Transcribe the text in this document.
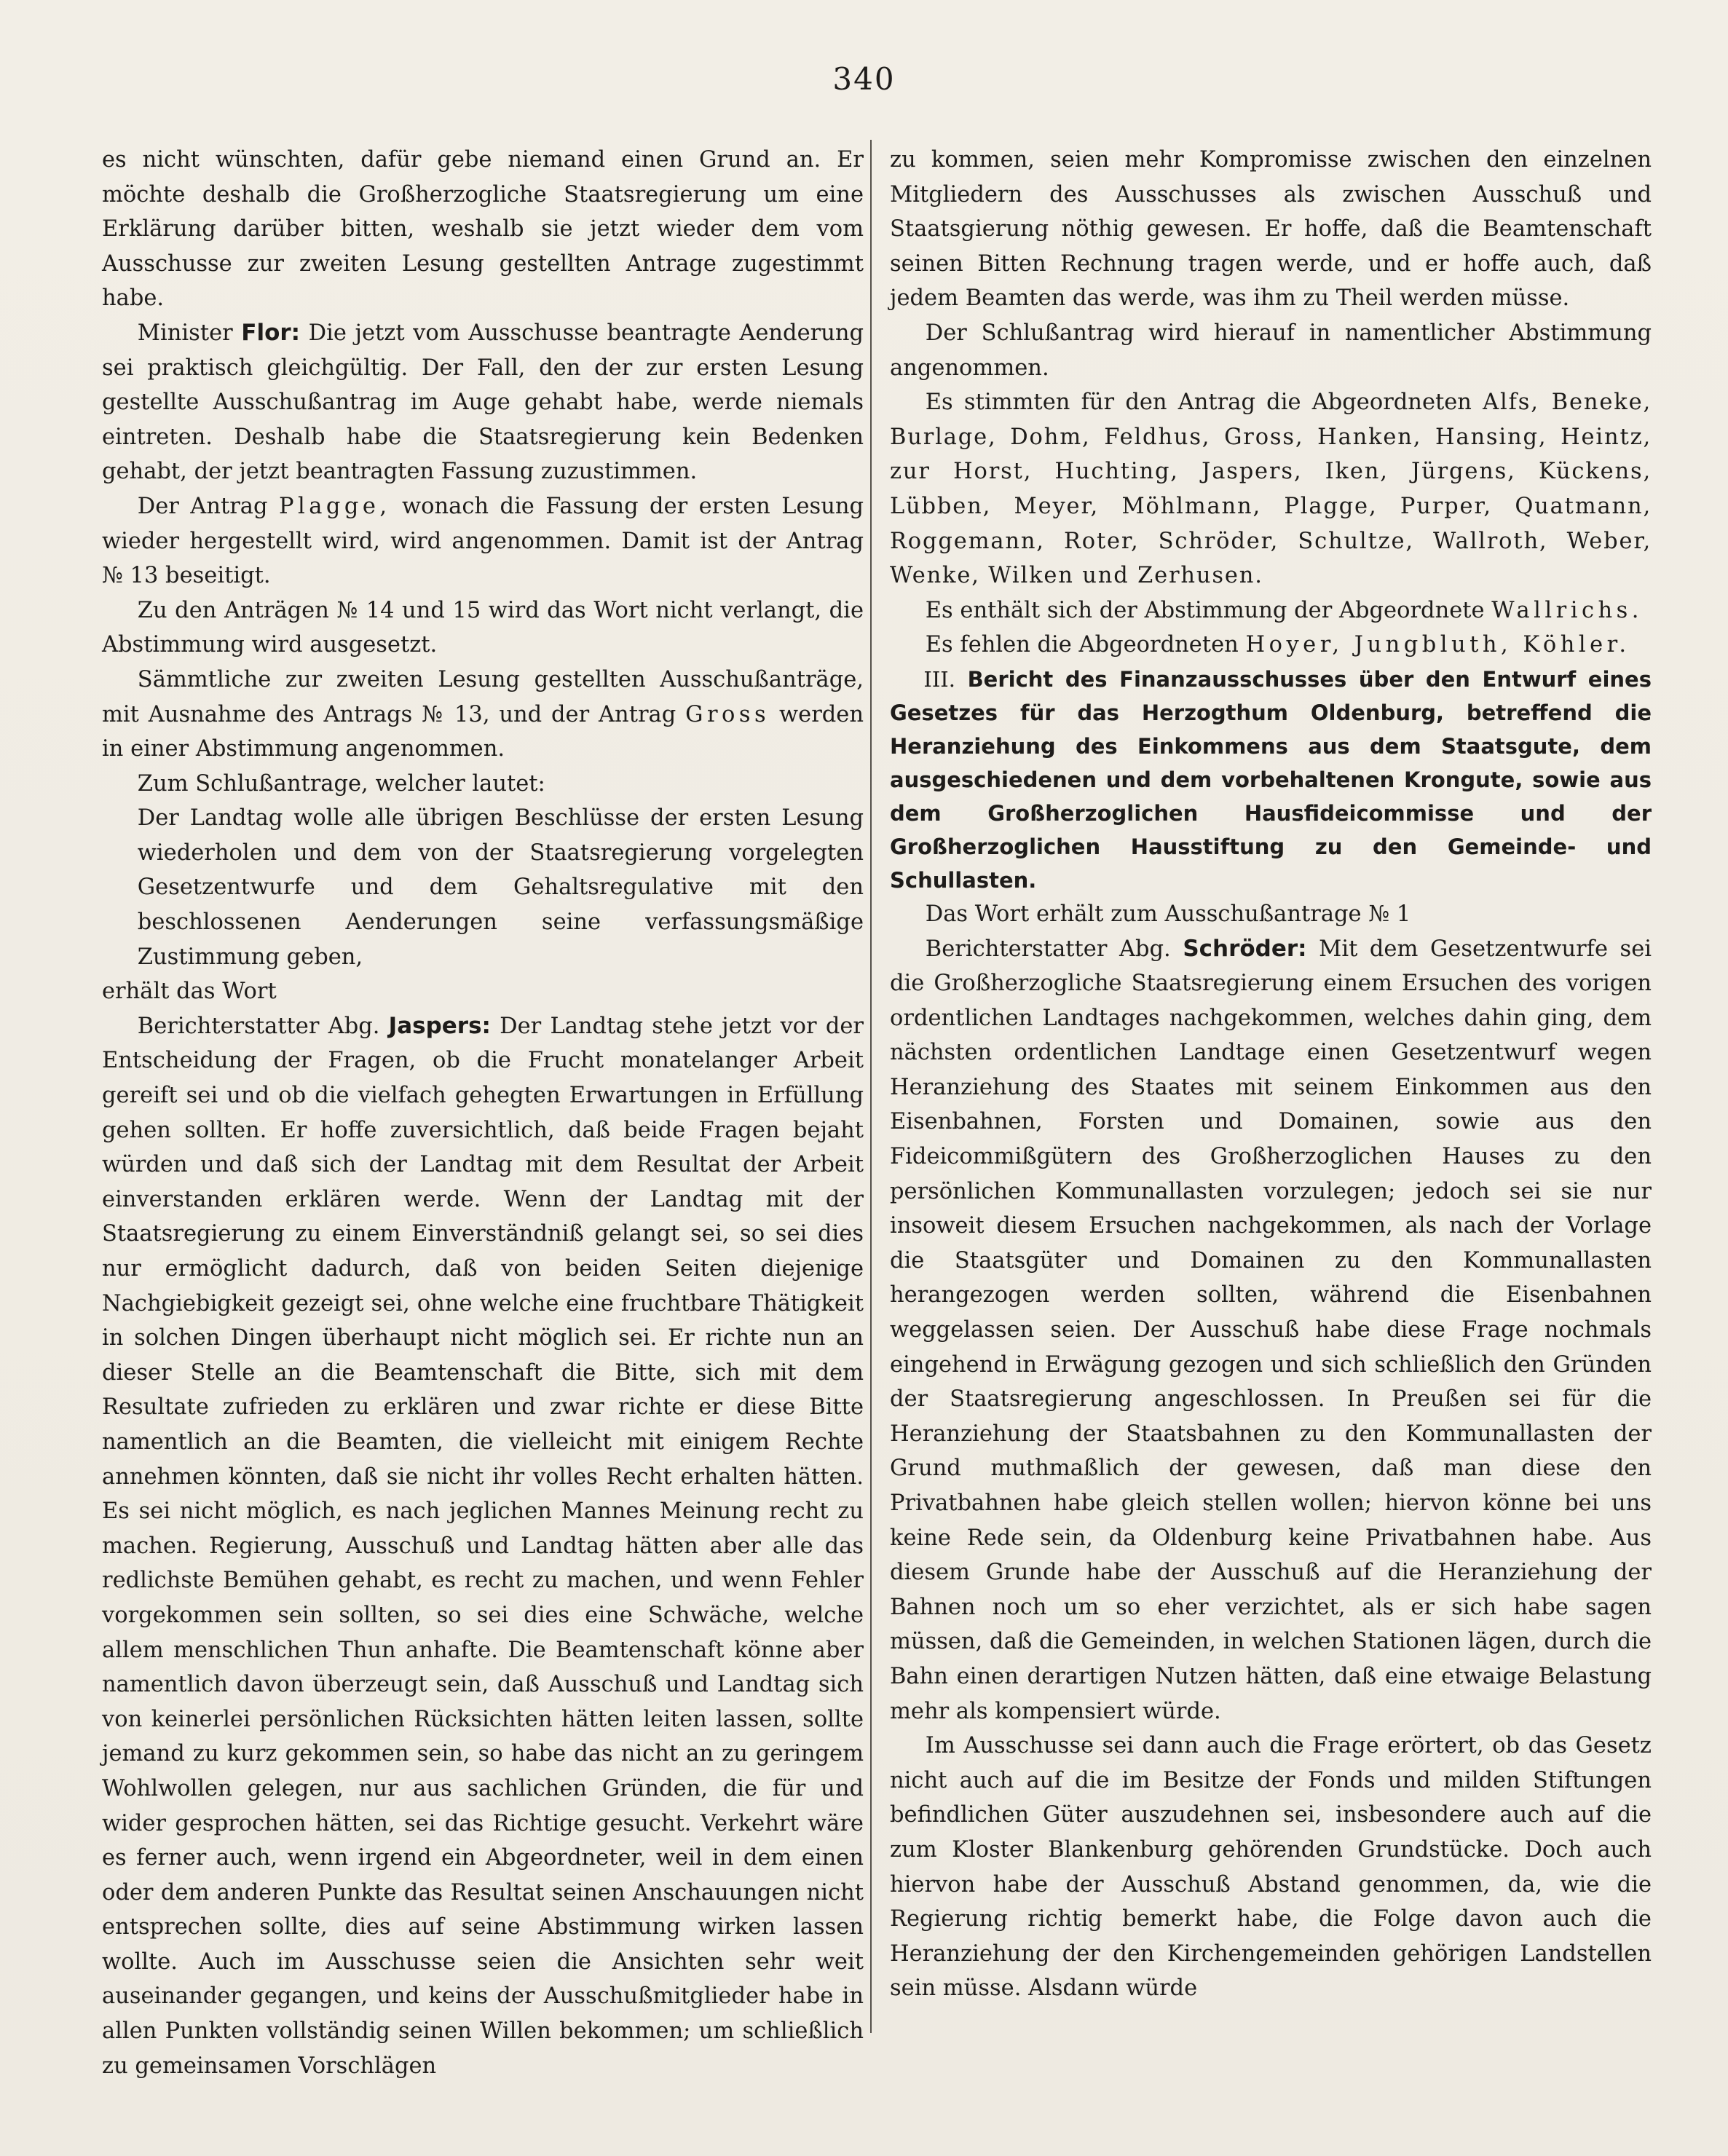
340

es nicht wünschten, dafür gebe niemand einen Grund an. Er möchte deshalb die Großherzogliche Staatsregierung um eine Erklärung darüber bitten, weshalb sie jetzt wieder dem vom Ausschusse zur zweiten Lesung gestellten Antrage zugestimmt habe.

Minister Flor: Die jetzt vom Ausschusse beantragte Aenderung sei praktisch gleichgültig. Der Fall, den der zur ersten Lesung gestellte Ausschußantrag im Auge gehabt habe, werde niemals eintreten. Deshalb habe die Staatsregierung kein Bedenken gehabt, der jetzt beantragten Fassung zuzustimmen.

Der Antrag Plagge, wonach die Fassung der ersten Lesung wieder hergestellt wird, wird angenommen. Damit ist der Antrag № 13 beseitigt.

Zu den Anträgen № 14 und 15 wird das Wort nicht verlangt, die Abstimmung wird ausgesetzt.

Sämmtliche zur zweiten Lesung gestellten Ausschußanträge, mit Ausnahme des Antrags № 13, und der Antrag Gross werden in einer Abstimmung angenommen.

Zum Schlußantrage, welcher lautet:

Der Landtag wolle alle übrigen Beschlüsse der ersten Lesung wiederholen und dem von der Staatsregierung vorgelegten Gesetzentwurfe und dem Gehaltsregulative mit den beschlossenen Aenderungen seine verfassungsmäßige Zustimmung geben,

erhält das Wort

Berichterstatter Abg. Jaspers: Der Landtag stehe jetzt vor der Entscheidung der Fragen, ob die Frucht monatelanger Arbeit gereift sei und ob die vielfach gehegten Erwartungen in Erfüllung gehen sollten. Er hoffe zuversichtlich, daß beide Fragen bejaht würden und daß sich der Landtag mit dem Resultat der Arbeit einverstanden erklären werde. Wenn der Landtag mit der Staatsregierung zu einem Einverständniß gelangt sei, so sei dies nur ermöglicht dadurch, daß von beiden Seiten diejenige Nachgiebigkeit gezeigt sei, ohne welche eine fruchtbare Thätigkeit in solchen Dingen überhaupt nicht möglich sei. Er richte nun an dieser Stelle an die Beamtenschaft die Bitte, sich mit dem Resultate zufrieden zu erklären und zwar richte er diese Bitte namentlich an die Beamten, die vielleicht mit einigem Rechte annehmen könnten, daß sie nicht ihr volles Recht erhalten hätten. Es sei nicht möglich, es nach jeglichen Mannes Meinung recht zu machen. Regierung, Ausschuß und Landtag hätten aber alle das redlichste Bemühen gehabt, es recht zu machen, und wenn Fehler vorgekommen sein sollten, so sei dies eine Schwäche, welche allem menschlichen Thun anhafte. Die Beamtenschaft könne aber namentlich davon überzeugt sein, daß Ausschuß und Landtag sich von keinerlei persönlichen Rücksichten hätten leiten lassen, sollte jemand zu kurz gekommen sein, so habe das nicht an zu geringem Wohlwollen gelegen, nur aus sachlichen Gründen, die für und wider gesprochen hätten, sei das Richtige gesucht. Verkehrt wäre es ferner auch, wenn irgend ein Abgeordneter, weil in dem einen oder dem anderen Punkte das Resultat seinen Anschauungen nicht entsprechen sollte, dies auf seine Abstimmung wirken lassen wollte. Auch im Ausschusse seien die Ansichten sehr weit auseinander gegangen, und keins der Ausschußmitglieder habe in allen Punkten vollständig seinen Willen bekommen; um schließlich zu gemeinsamen Vorschlägen

zu kommen, seien mehr Kompromisse zwischen den einzelnen Mitgliedern des Ausschusses als zwischen Ausschuß und Staatsgierung nöthig gewesen. Er hoffe, daß die Beamtenschaft seinen Bitten Rechnung tragen werde, und er hoffe auch, daß jedem Beamten das werde, was ihm zu Theil werden müsse.

Der Schlußantrag wird hierauf in namentlicher Abstimmung angenommen.

Es stimmten für den Antrag die Abgeordneten Alfs, Beneke, Burlage, Dohm, Feldhus, Gross, Hanken, Hansing, Heintz, zur Horst, Huchting, Jaspers, Iken, Jürgens, Kückens, Lübben, Meyer, Möhlmann, Plagge, Purper, Quatmann, Roggemann, Roter, Schröder, Schultze, Wallroth, Weber, Wenke, Wilken und Zerhusen.

Es enthält sich der Abstimmung der Abgeordnete Wallrichs.

Es fehlen die Abgeordneten Hoyer, Jungbluth, Köhler.

III. Bericht des Finanzausschusses über den Entwurf eines Gesetzes für das Herzogthum Oldenburg, betreffend die Heranziehung des Einkommens aus dem Staatsgute, dem ausgeschiedenen und dem vorbehaltenen Krongute, sowie aus dem Großherzoglichen Hausfideicommisse und der Großherzoglichen Hausstiftung zu den Gemeinde- und Schullasten.

Das Wort erhält zum Ausschußantrage № 1

Berichterstatter Abg. Schröder: Mit dem Gesetzentwurfe sei die Großherzogliche Staatsregierung einem Ersuchen des vorigen ordentlichen Landtages nachgekommen, welches dahin ging, dem nächsten ordentlichen Landtage einen Gesetzentwurf wegen Heranziehung des Staates mit seinem Einkommen aus den Eisenbahnen, Forsten und Domainen, sowie aus den Fideicommißgütern des Großherzoglichen Hauses zu den persönlichen Kommunallasten vorzulegen; jedoch sei sie nur insoweit diesem Ersuchen nachgekommen, als nach der Vorlage die Staatsgüter und Domainen zu den Kommunallasten herangezogen werden sollten, während die Eisenbahnen weggelassen seien. Der Ausschuß habe diese Frage nochmals eingehend in Erwägung gezogen und sich schließlich den Gründen der Staatsregierung angeschlossen. In Preußen sei für die Heranziehung der Staatsbahnen zu den Kommunallasten der Grund muthmaßlich der gewesen, daß man diese den Privatbahnen habe gleich stellen wollen; hiervon könne bei uns keine Rede sein, da Oldenburg keine Privatbahnen habe. Aus diesem Grunde habe der Ausschuß auf die Heranziehung der Bahnen noch um so eher verzichtet, als er sich habe sagen müssen, daß die Gemeinden, in welchen Stationen lägen, durch die Bahn einen derartigen Nutzen hätten, daß eine etwaige Belastung mehr als kompensiert würde.

Im Ausschusse sei dann auch die Frage erörtert, ob das Gesetz nicht auch auf die im Besitze der Fonds und milden Stiftungen befindlichen Güter auszudehnen sei, insbesondere auch auf die zum Kloster Blankenburg gehörenden Grundstücke. Doch auch hiervon habe der Ausschuß Abstand genommen, da, wie die Regierung richtig bemerkt habe, die Folge davon auch die Heranziehung der den Kirchengemeinden gehörigen Landstellen sein müsse. Alsdann würde
